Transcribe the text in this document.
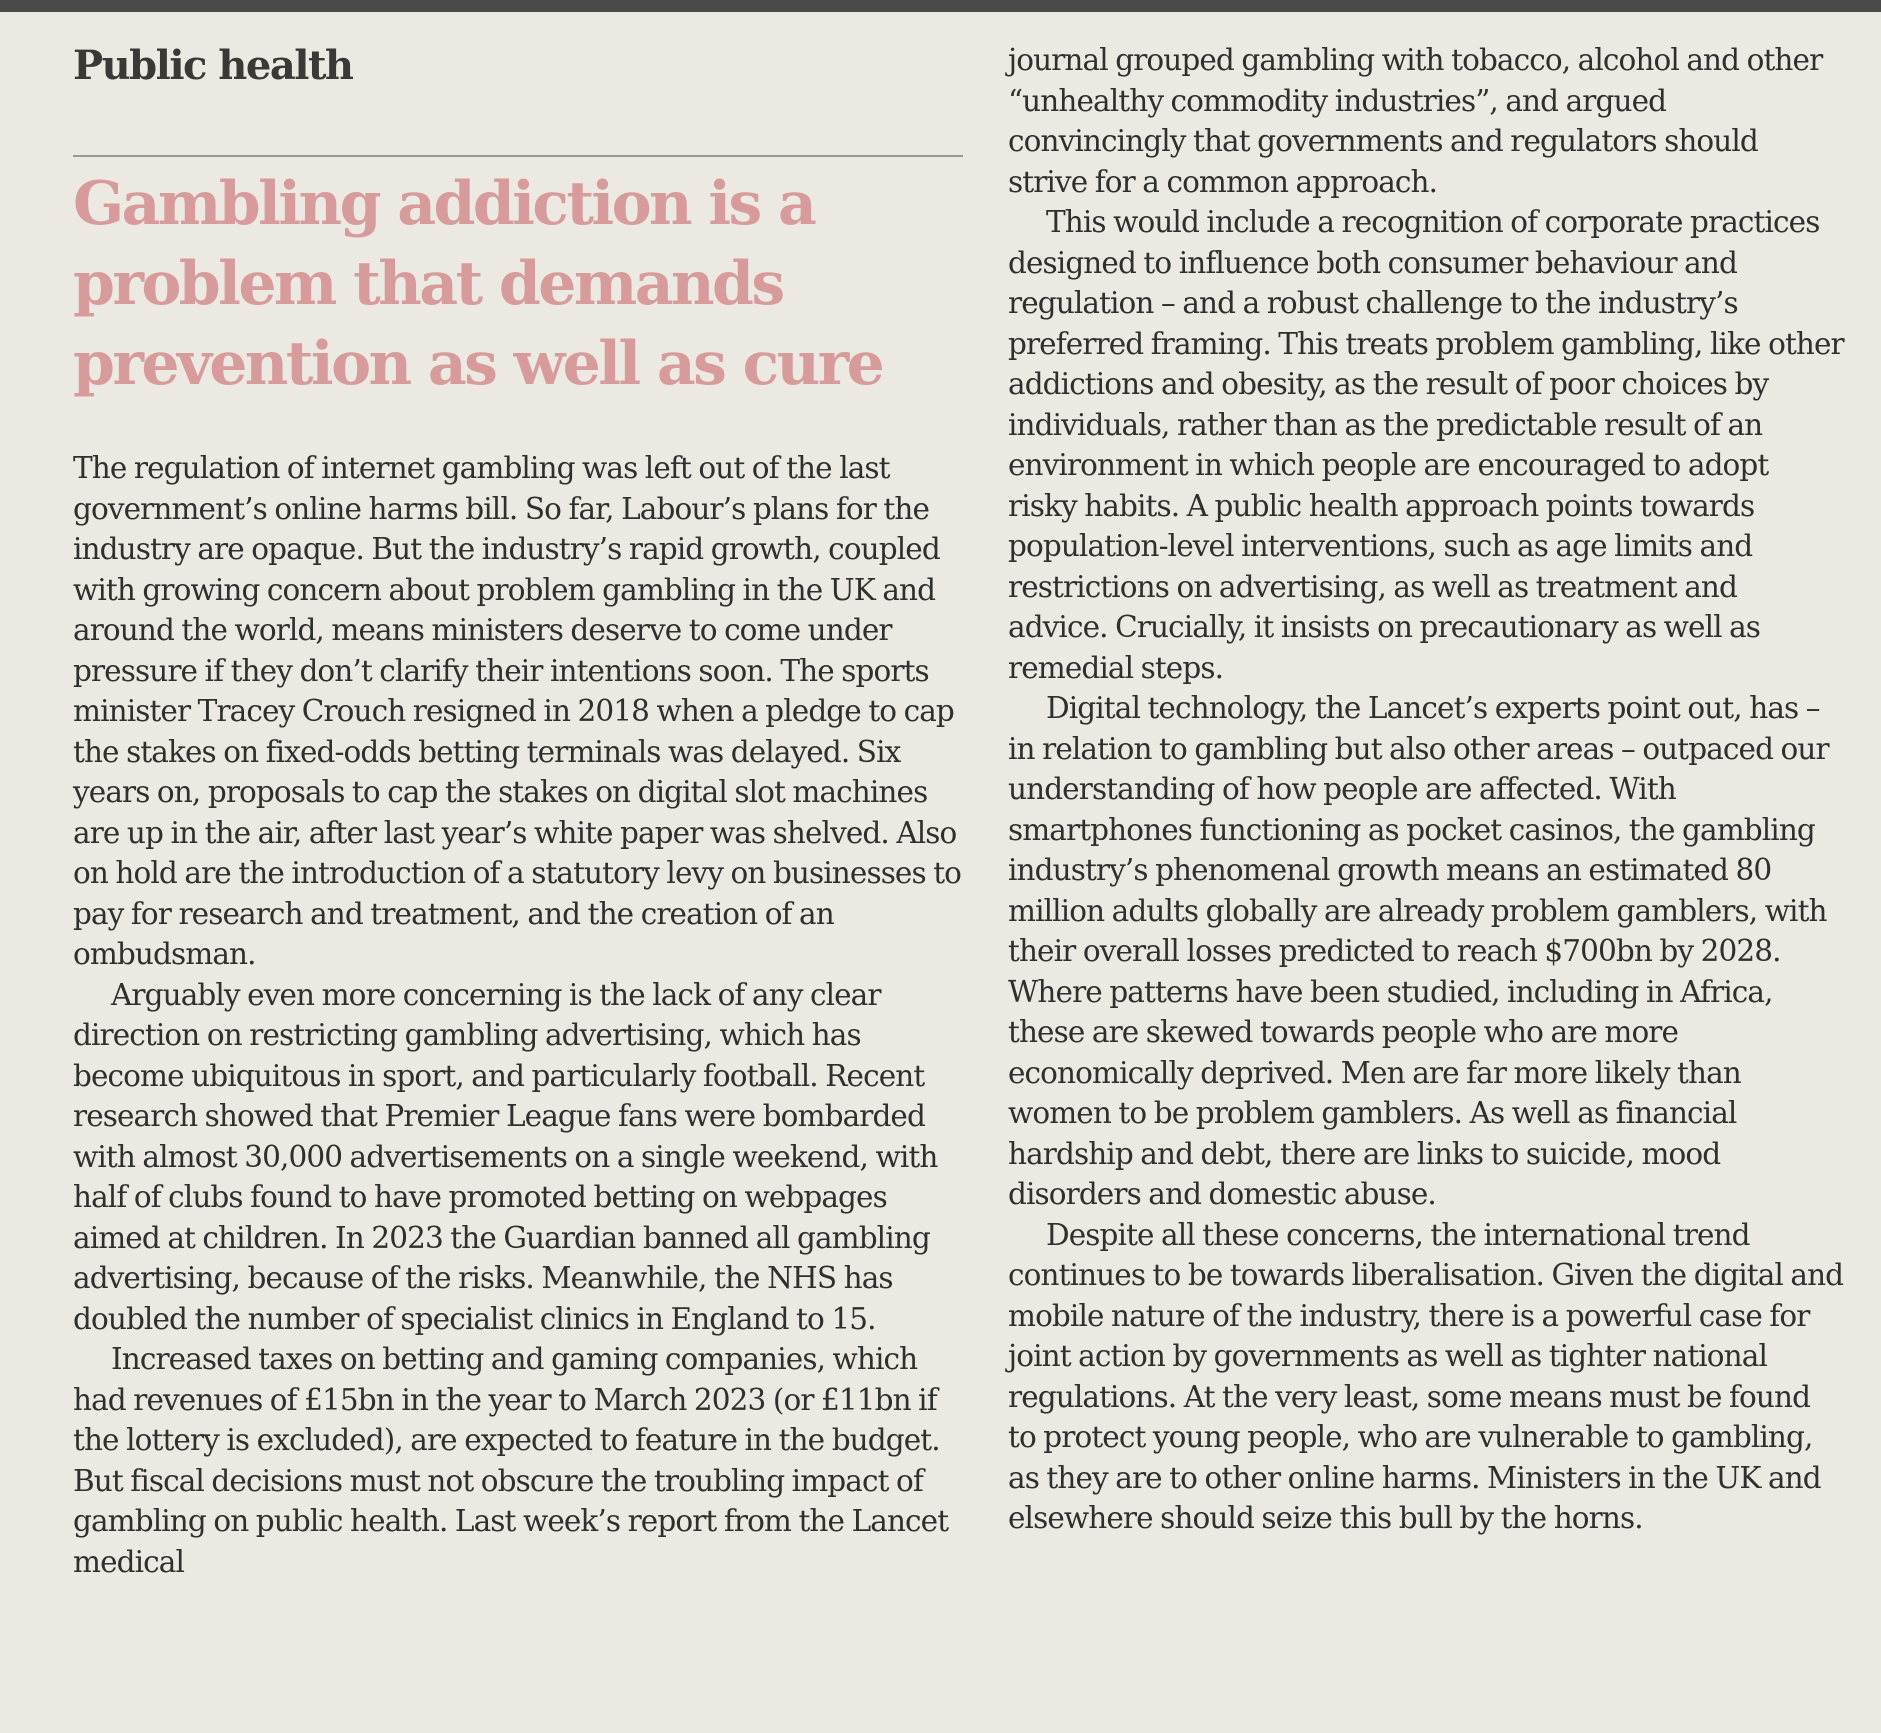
Public health
Gambling addiction is a problem that demands prevention as well as cure

The regulation of internet gambling was left out of the last government’s online harms bill. So far, Labour’s plans for the industry are opaque. But the industry’s rapid growth, coupled with growing concern about problem gambling in the UK and around the world, means ministers deserve to come under pressure if they don’t clarify their intentions soon. The sports minister Tracey Crouch resigned in 2018 when a pledge to cap the stakes on fixed-odds betting terminals was delayed. Six years on, proposals to cap the stakes on digital slot machines are up in the air, after last year’s white paper was shelved. Also on hold are the introduction of a statutory levy on businesses to pay for research and treatment, and the creation of an ombudsman.

Arguably even more concerning is the lack of any clear direction on restricting gambling advertising, which has become ubiquitous in sport, and particularly football. Recent research showed that Premier League fans were bombarded with almost 30,000 advertisements on a single weekend, with half of clubs found to have promoted betting on webpages aimed at children. In 2023 the Guardian banned all gambling advertising, because of the risks. Meanwhile, the NHS has doubled the number of specialist clinics in England to 15.

Increased taxes on betting and gaming companies, which had revenues of £15bn in the year to March 2023 (or £11bn if the lottery is excluded), are expected to feature in the budget. But fiscal decisions must not obscure the troubling impact of gambling on public health. Last week’s report from the Lancet medical

journal grouped gambling with tobacco, alcohol and other “unhealthy commodity industries”, and argued convincingly that governments and regulators should strive for a common approach.

This would include a recognition of corporate practices designed to influence both consumer behaviour and regulation – and a robust challenge to the industry’s preferred framing. This treats problem gambling, like other addictions and obesity, as the result of poor choices by individuals, rather than as the predictable result of an environment in which people are encouraged to adopt risky habits. A public health approach points towards population-level interventions, such as age limits and restrictions on advertising, as well as treatment and advice. Crucially, it insists on precautionary as well as remedial steps.

Digital technology, the Lancet’s experts point out, has – in relation to gambling but also other areas – outpaced our understanding of how people are affected. With smartphones functioning as pocket casinos, the gambling industry’s phenomenal growth means an estimated 80 million adults globally are already problem gamblers, with their overall losses predicted to reach $700bn by 2028. Where patterns have been studied, including in Africa, these are skewed towards people who are more economically deprived. Men are far more likely than women to be problem gamblers. As well as financial hardship and debt, there are links to suicide, mood disorders and domestic abuse.

Despite all these concerns, the international trend continues to be towards liberalisation. Given the digital and mobile nature of the industry, there is a powerful case for joint action by governments as well as tighter national regulations. At the very least, some means must be found to protect young people, who are vulnerable to gambling, as they are to other online harms. Ministers in the UK and elsewhere should seize this bull by the horns.
